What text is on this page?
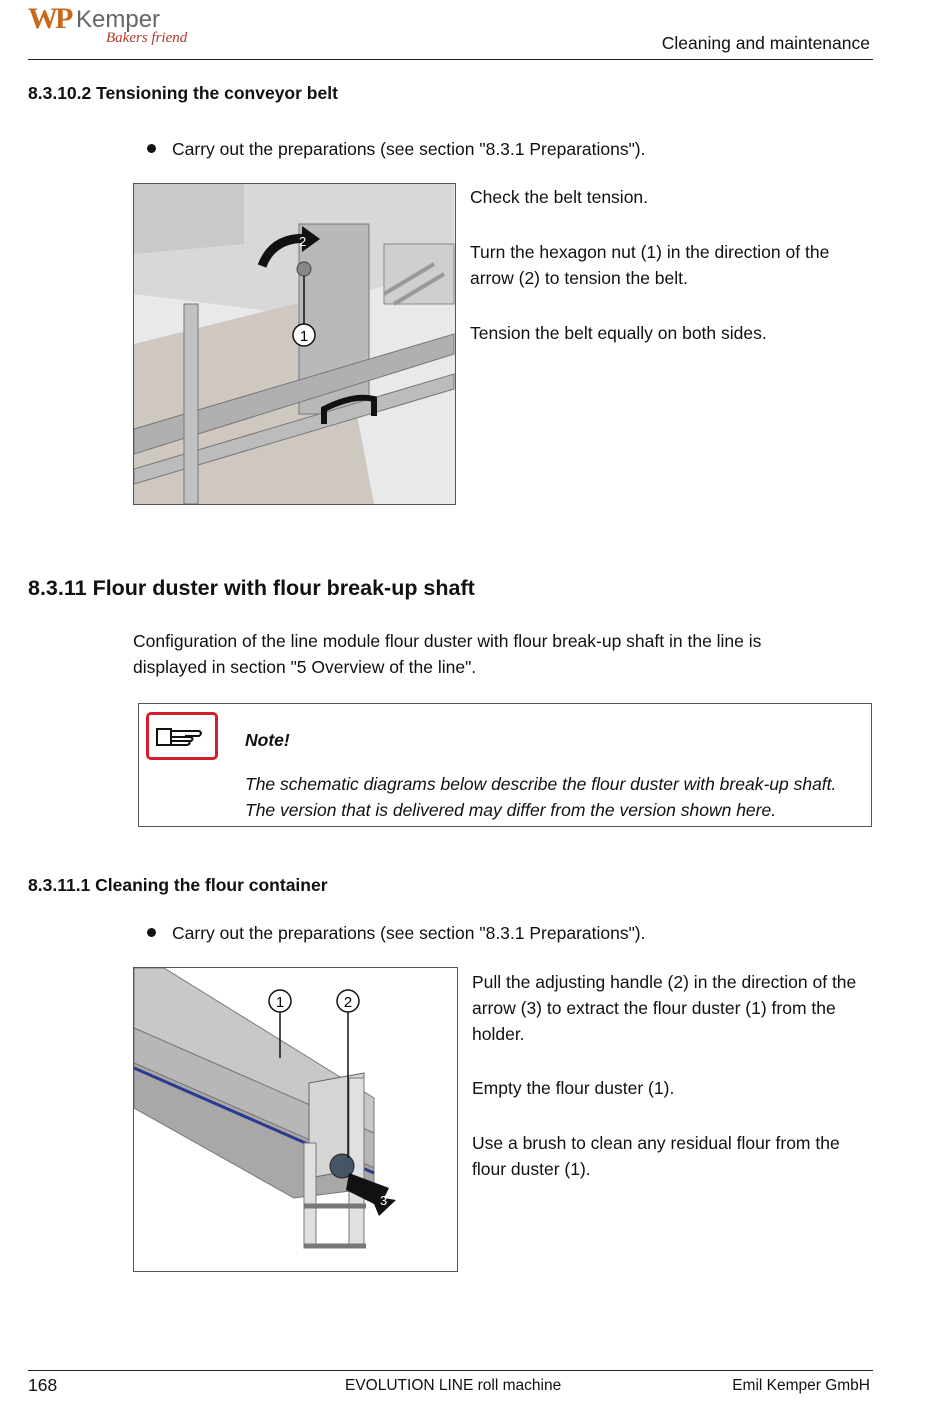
WP Kemper
Bakers friend	Cleaning and maintenance
8.3.10.2 Tensioning the conveyor belt
Carry out the preparations (see section "8.3.1 Preparations").
2
1
Check the belt tension.
Turn the hexagon nut (1) in the direction of the arrow (2) to tension the belt.
Tension the belt equally on both sides.
8.3.11 Flour duster with flour break-up shaft
Configuration of the line module flour duster with flour break-up shaft in the line is displayed in section "5 Overview of the line".
Note!
The schematic diagrams below describe the flour duster with break-up shaft. The version that is delivered may differ from the version shown here.
8.3.11.1 Cleaning the flour container
Carry out the preparations (see section "8.3.1 Preparations").
1	2
3
Pull the adjusting handle (2) in the direction of the arrow (3) to extract the flour duster (1) from the holder.
Empty the flour duster (1).
Use a brush to clean any residual flour from the flour duster (1).
168	EVOLUTION LINE roll machine	Emil Kemper GmbH
